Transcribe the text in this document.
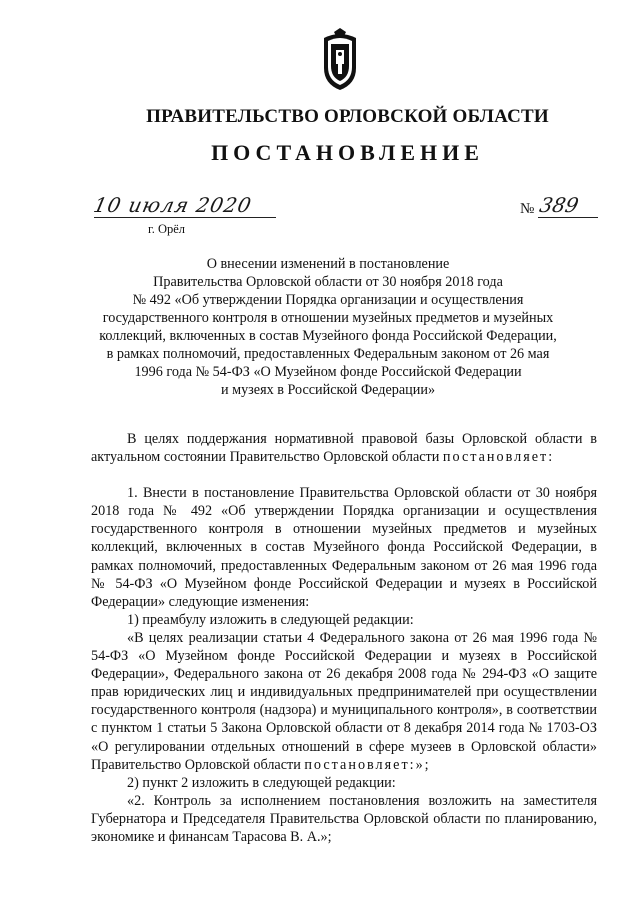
ПРАВИТЕЛЬСТВО ОРЛОВСКОЙ ОБЛАСТИ
ПОСТАНОВЛЕНИЕ
10 июля 2020
г. Орёл
№ 389
О внесении изменений в постановление
Правительства Орловской области от 30 ноября 2018 года
№ 492 «Об утверждении Порядка организации и осуществления
государственного контроля в отношении музейных предметов и музейных
коллекций, включенных в состав Музейного фонда Российской Федерации,
в рамках полномочий, предоставленных Федеральным законом от 26 мая
1996 года № 54-ФЗ «О Музейном фонде Российской Федерации
и музеях в Российской Федерации»

В целях поддержания нормативной правовой базы Орловской области в актуальном состоянии Правительство Орловской области постановляет:

1. Внести в постановление Правительства Орловской области от 30 ноября 2018 года № 492 «Об утверждении Порядка организации и осуществления государственного контроля в отношении музейных предметов и музейных коллекций, включенных в состав Музейного фонда Российской Федерации, в рамках полномочий, предоставленных Федеральным законом от 26 мая 1996 года № 54-ФЗ «О Музейном фонде Российской Федерации и музеях в Российской Федерации» следующие изменения:

1) преамбулу изложить в следующей редакции:

«В целях реализации статьи 4 Федерального закона от 26 мая 1996 года № 54-ФЗ «О Музейном фонде Российской Федерации и музеях в Российской Федерации», Федерального закона от 26 декабря 2008 года № 294-ФЗ «О защите прав юридических лиц и индивидуальных предпринимателей при осуществлении государственного контроля (надзора) и муниципального контроля», в соответствии с пунктом 1 статьи 5 Закона Орловской области от 8 декабря 2014 года № 1703-ОЗ «О регулировании отдельных отношений в сфере музеев в Орловской области» Правительство Орловской области постановляет:»;

2) пункт 2 изложить в следующей редакции:

«2. Контроль за исполнением постановления возложить на заместителя Губернатора и Председателя Правительства Орловской области по планированию, экономике и финансам Тарасова В. А.»;
